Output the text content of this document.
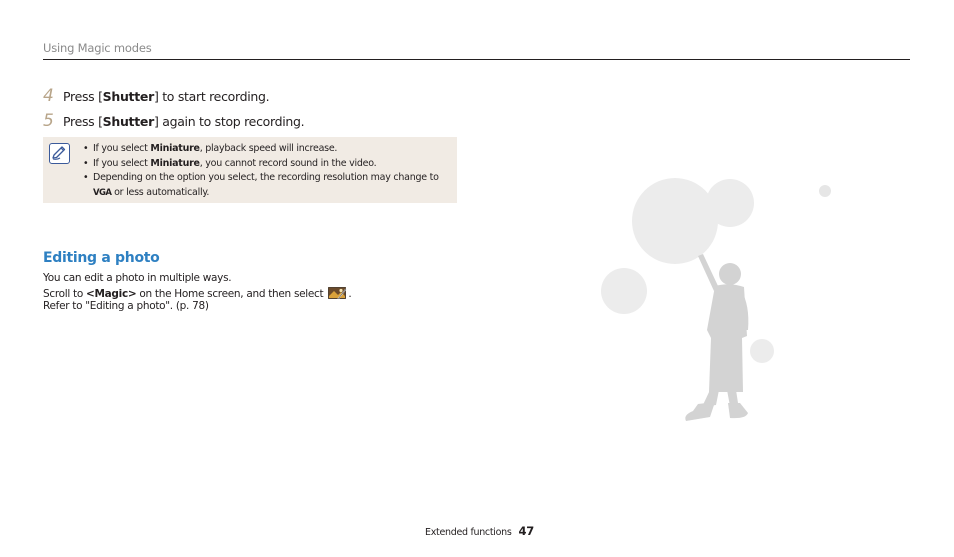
Using Magic modes
4 Press [Shutter] to start recording.
5 Press [Shutter] again to stop recording.
• If you select Miniature, playback speed will increase.
• If you select Miniature, you cannot record sound in the video.
• Depending on the option you select, the recording resolution may change to
VGA or less automatically.
Editing a photo
You can edit a photo in multiple ways.
Scroll to <Magic> on the Home screen, and then select .
Refer to "Editing a photo". (p. 78)
Extended functions 47
